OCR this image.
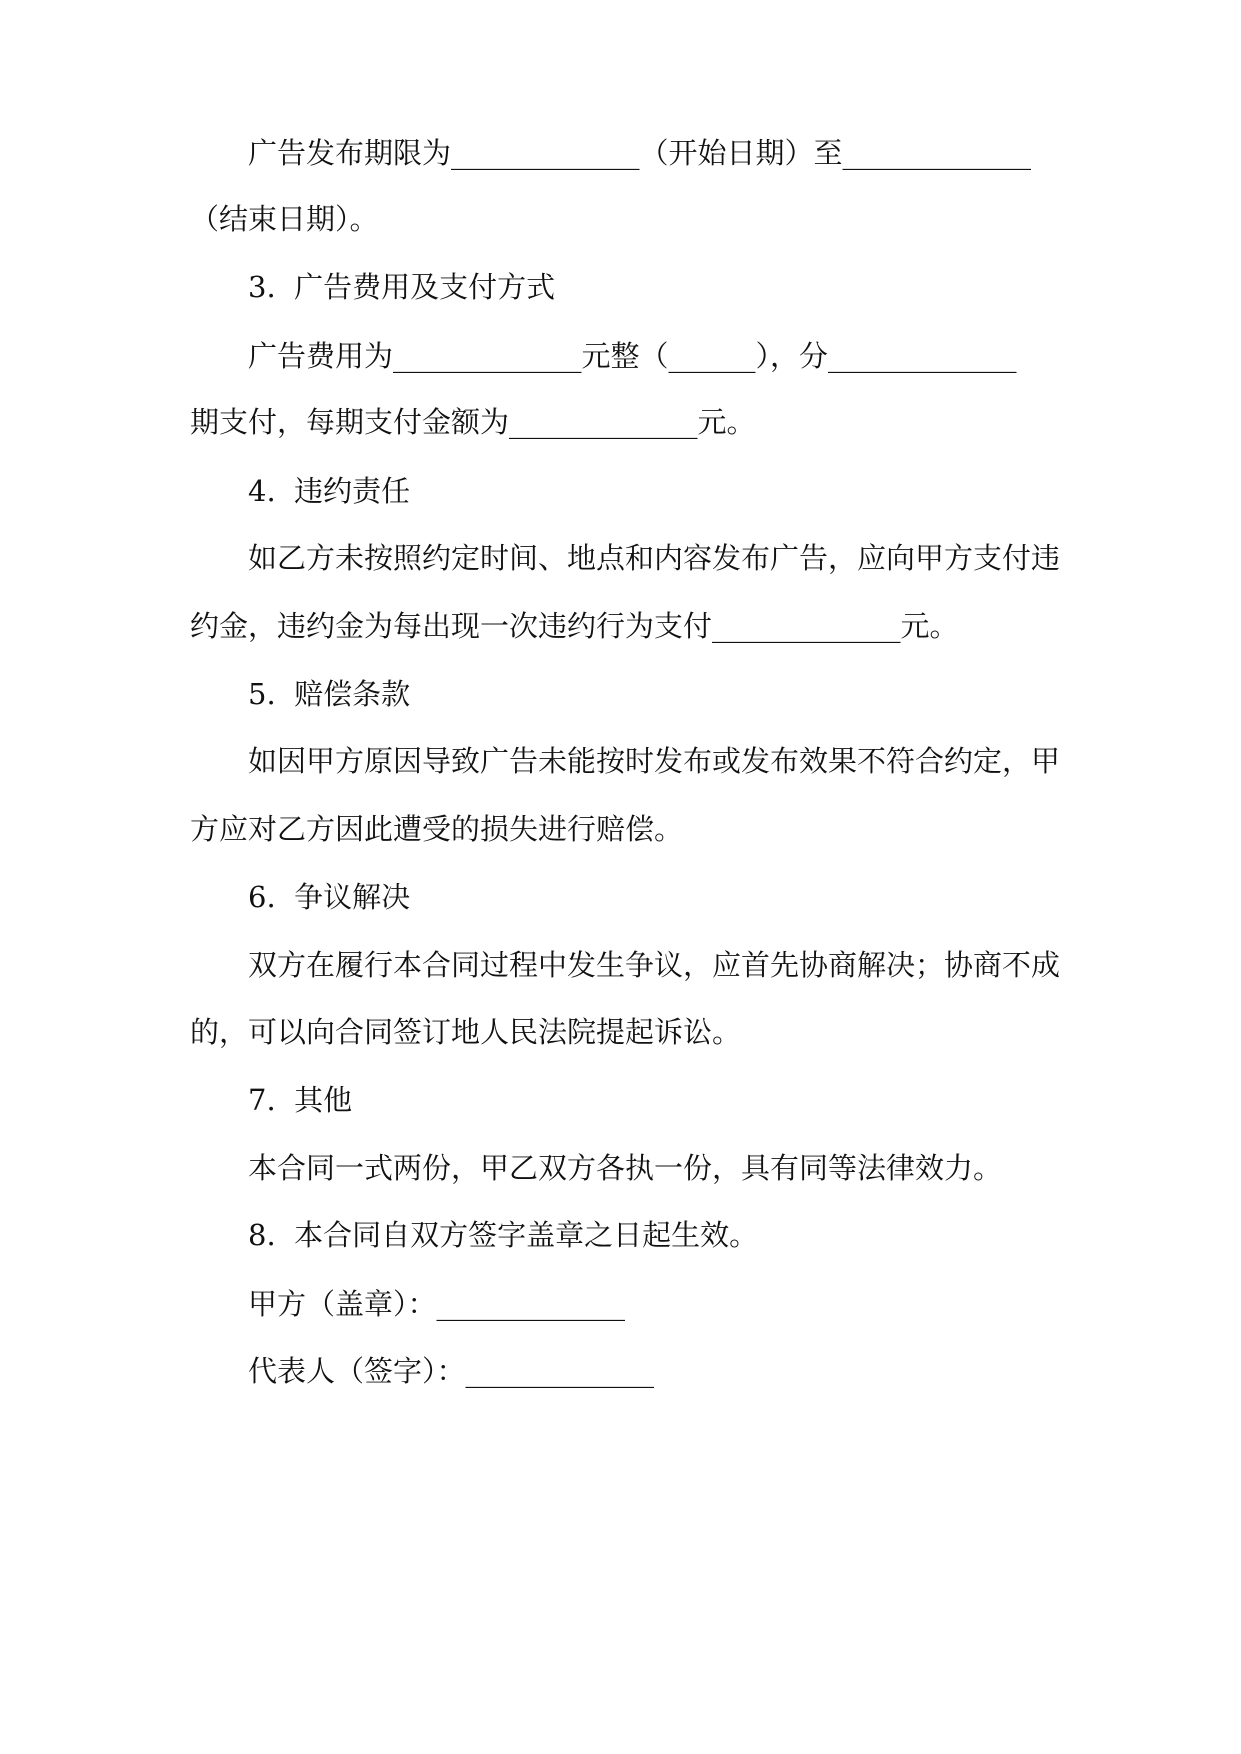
广告发布期限为_____________（开始日期）至_____________
（结束日期）。
3.  广告费用及支付方式
广告费用为_____________元整（______），分_____________
期支付，每期支付金额为_____________元。
4.  违约责任
如乙方未按照约定时间、地点和内容发布广告，应向甲方支付违
约金，违约金为每出现一次违约行为支付_____________元。
5.  赔偿条款
如因甲方原因导致广告未能按时发布或发布效果不符合约定，甲
方应对乙方因此遭受的损失进行赔偿。
6.  争议解决
双方在履行本合同过程中发生争议，应首先协商解决；协商不成
的，可以向合同签订地人民法院提起诉讼。
7.  其他
本合同一式两份，甲乙双方各执一份，具有同等法律效力。
8.  本合同自双方签字盖章之日起生效。
甲方（盖章）：_____________
代表人（签字）：_____________
